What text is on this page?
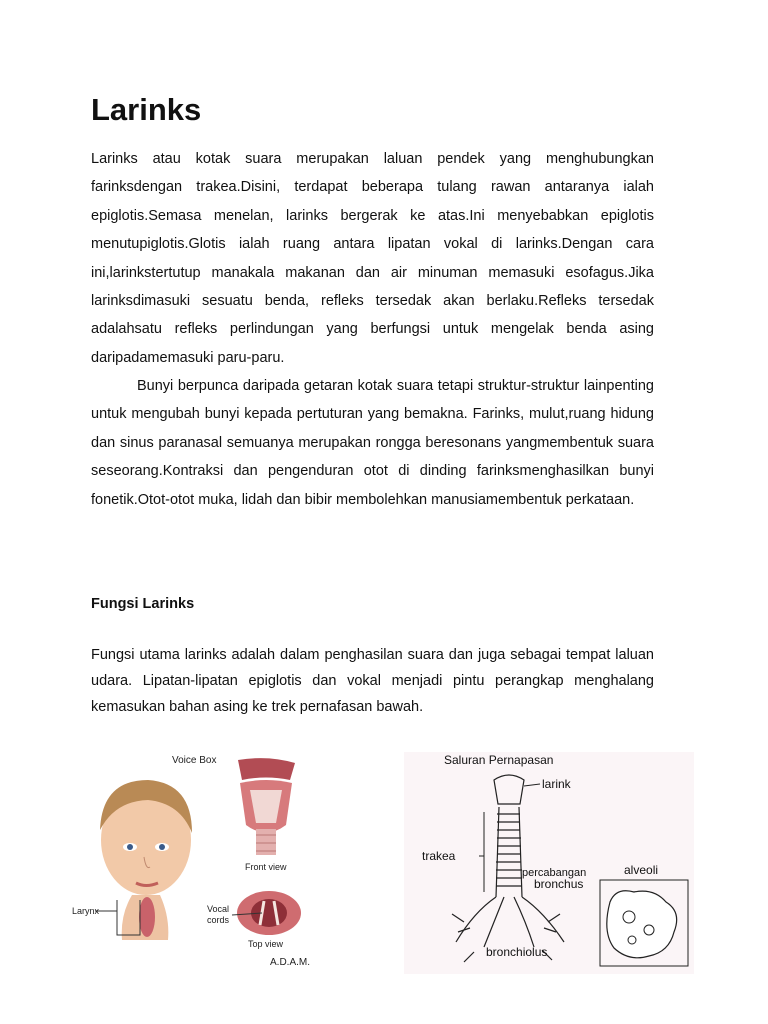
Larinks

Larinks atau kotak suara merupakan laluan pendek yang menghubungkan farinksdengan trakea.Disini, terdapat beberapa tulang rawan antaranya ialah epiglotis.Semasa menelan, larinks bergerak ke atas.Ini menyebabkan epiglotis menutupiglotis.Glotis ialah ruang antara lipatan vokal di larinks.Dengan cara ini,larinkstertutup manakala makanan dan air minuman memasuki esofagus.Jika larinksdimasuki sesuatu benda, refleks tersedak akan berlaku.Refleks tersedak adalahsatu refleks perlindungan yang berfungsi untuk mengelak benda asing daripadamemasuki paru-paru.

Bunyi berpunca daripada getaran kotak suara tetapi struktur-struktur lainpenting untuk mengubah bunyi kepada pertuturan yang bemakna. Farinks, mulut,ruang hidung dan sinus paranasal semuanya merupakan rongga beresonans yangmembentuk suara seseorang.Kontraksi dan pengenduran otot di dinding farinksmenghasilkan bunyi fonetik.Otot-otot muka, lidah dan bibir membolehkan manusiamembentuk perkataan.

Fungsi Larinks

Fungsi utama larinks adalah dalam penghasilan suara dan juga sebagai tempat laluan udara. Lipatan-lipatan epiglotis dan vokal menjadi pintu perangkap menghalang kemasukan bahan asing ke trek pernafasan bawah.

Voice Box
Larynx
Front view
Vocal
cords
Top view
A.D.A.M.
Saluran Pernapasan
trakea
larink
percabangan
bronchus
alveoli
bronchiolus
